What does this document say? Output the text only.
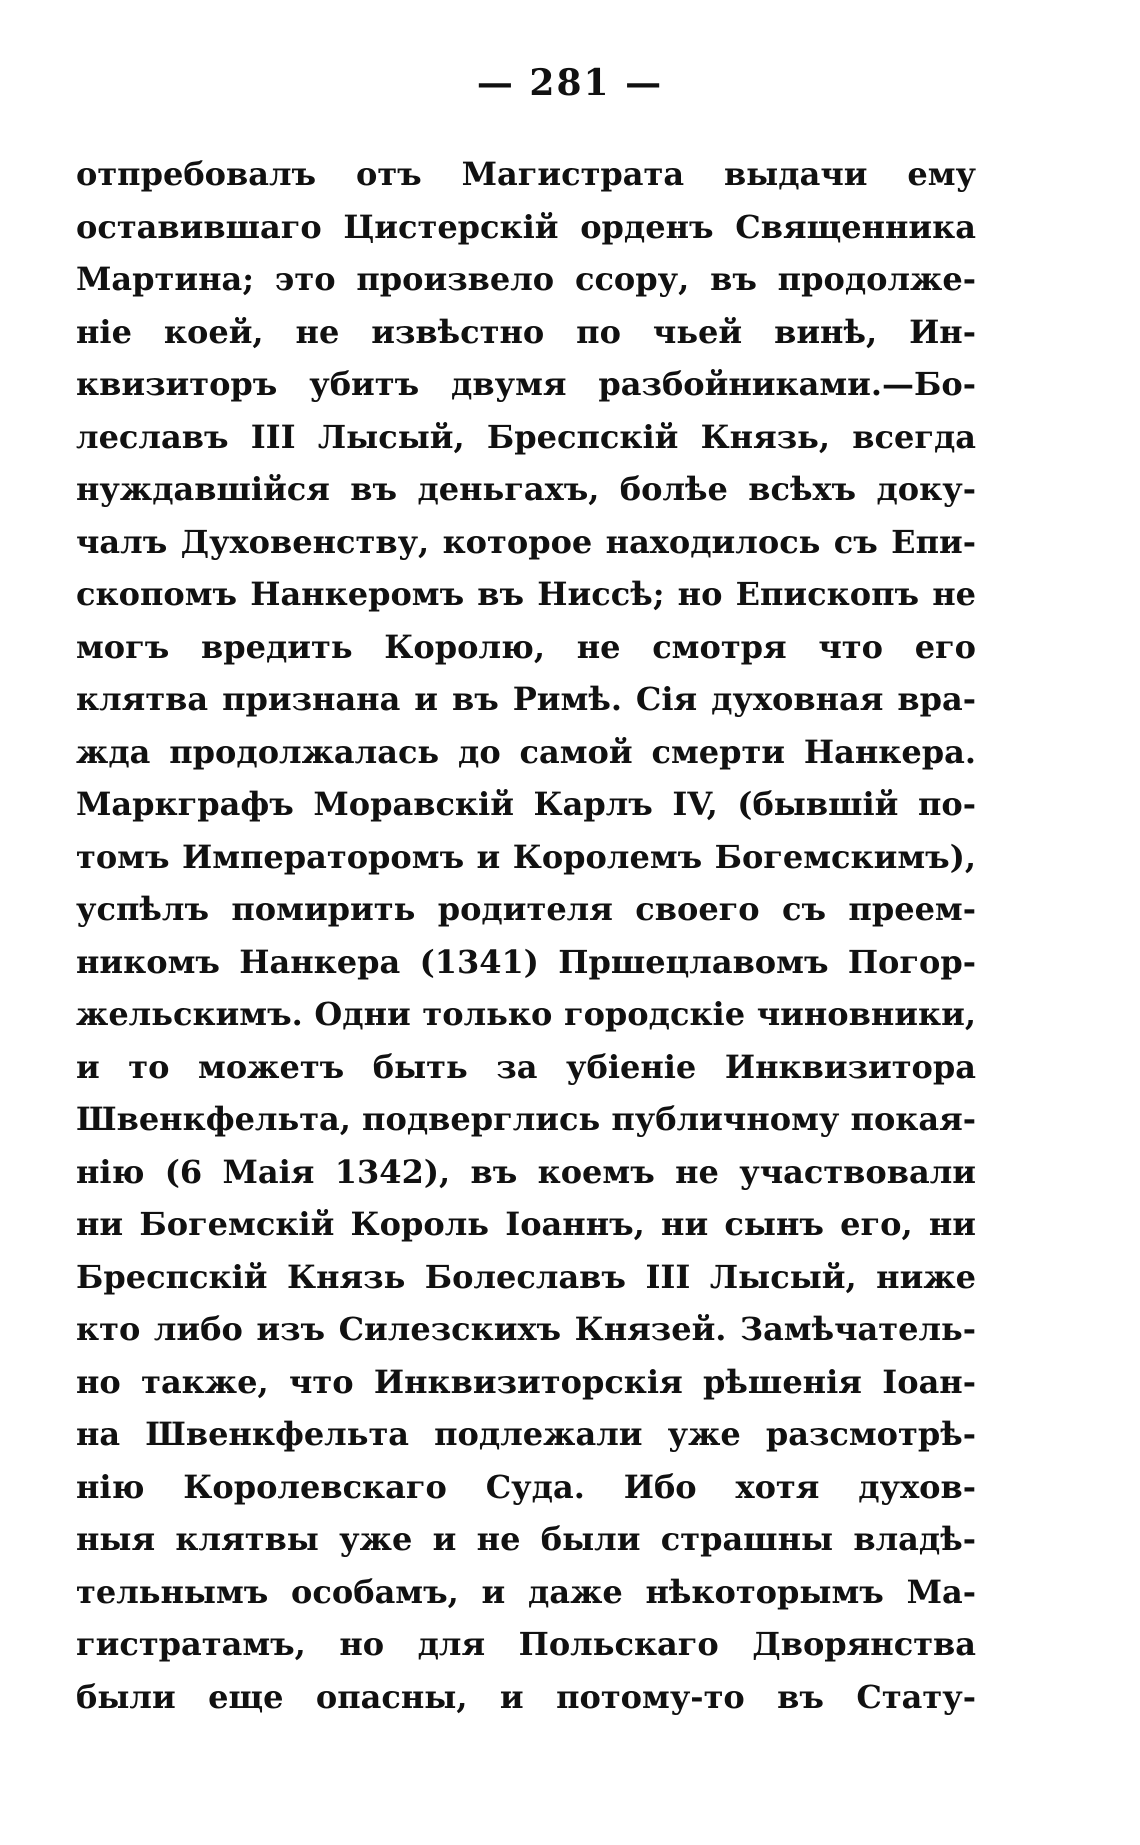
— 281 —
отпребовалъ отъ Магистрата выдачи ему
оставившаго Цистерскій орденъ Священника
Мартина; это произвело ссору, въ продолже-
ніе коей, не извѣстно по чьей винѣ, Ин-
квизиторъ убитъ двумя разбойниками.—Бо-
леславъ III Лысый, Бреспскій Князь, всегда
нуждавшійся въ деньгахъ, болѣе всѣхъ доку-
чалъ Духовенству, которое находилось съ Епи-
скопомъ Нанкеромъ въ Ниссѣ; но Епископъ не
могъ вредить Королю, не смотря что его
клятва признана и въ Римѣ. Сія духовная вра-
жда продолжалась до самой смерти Нанкера.
Маркграфъ Моравскій Карлъ IV, (бывшій по-
томъ Императоромъ и Королемъ Богемскимъ),
успѣлъ помирить родителя своего съ преем-
никомъ Нанкера (1341) Пршецлавомъ Погор-
жельскимъ. Одни только городскіе чиновники,
и то можетъ быть за убіеніе Инквизитора
Швенкфельта, подверглись публичному покая-
нію (6 Маія 1342), въ коемъ не участвовали
ни Богемскій Король Іоаннъ, ни сынъ его, ни
Бреспскій Князь Болеславъ III Лысый, ниже
кто либо изъ Силезскихъ Князей. Замѣчатель-
но также, что Инквизиторскія рѣшенія Іоан-
на Швенкфельта подлежали уже разсмотрѣ-
нію Королевскаго Суда. Ибо хотя духов-
ныя клятвы уже и не были страшны владѣ-
тельнымъ особамъ, и даже нѣкоторымъ Ма-
гистратамъ, но для Польскаго Дворянства
были еще опасны, и потому-то въ Стату-
